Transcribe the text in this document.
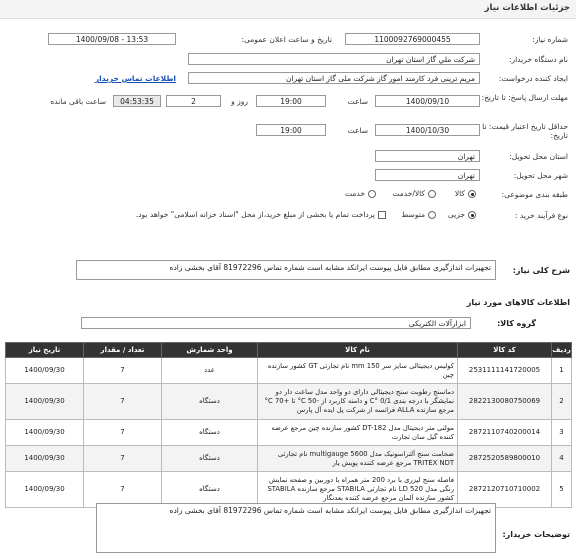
جزئیات اطلاعات نیاز
شماره نیاز:
1100092769000455
تاریخ و ساعت اعلان عمومی:
1400/09/08 - 13:53
نام دستگاه خریدار:
شرکت ملي گاز استان تهران
ایجاد کننده درخواست:
مریم ترینی فرد کارمند امور گاز شرکت ملی گاز استان تهران
اطلاعات تماس خریدار
مهلت ارسال پاسخ: تا تاریخ:
1400/09/10
ساعت
19:00
روز و
2
04:53:35
ساعت باقی مانده
حداقل تاریخ اعتبار قیمت: تا تاریخ:
1400/10/30
ساعت
19:00
استان محل تحویل:
تهران
شهر محل تحویل:
تهران
طبقه بندی موضوعی:
کالا
کالا/خدمت
خدمت
نوع فرآیند خرید :
جزیی
متوسط
پرداخت تمام یا بخشی از مبلغ خرید،از محل "اسناد خزانه اسلامی" خواهد بود.
شرح کلی نیاز:
تجهیزات اندازگیری مطابق فایل پیوست ایرانکد مشابه است شماره تماس 81972296 آقای بخشی زاده
اطلاعات کالاهای مورد نیاز
گروه کالا:
ابزارآلات الکتریکی
ردیف	کد کالا	نام کالا	واحد شمارش	تعداد / مقدار	تاریخ نیاز
1	2531111141720005	کولیس دیجیتالی سایز سر 150 mm نام تجارتی GT کشور سازنده چین	عدد	7	1400/09/30
2	2822130080750069	دماسنج رطوبت سنج دیجیتالی دارای دو واحد مدل ساعت دار دو نمایشگر با درجه بندی C° 0/1 و دامنه کاربرد از -50 C° تا +70 C° مرجع سازنده ALLA فرانسه از شرکت پل ایده آل پارس	دستگاه	7	1400/09/30
3	2872110740200014	مولتی متر دیجیتال مدل DT-182 کشور سازنده چین مرجع عرضه کننده گیل سان تجارت	دستگاه	7	1400/09/30
4	2872520589800010	ضخامت سنج آلتراسونیک مدل multigauge 5600 نام تجارتی TRITEX NDT مرجع عرضه کننده پویش یار	دستگاه	7	1400/09/30
5	2872120710710002	فاصله سنج لیزری با برد 200 متر همراه با دوربین و صفحه نمایش رنگی مدل LD 520 نام تجارتی STABILA مرجع سازنده STABILA کشور سازنده آلمان مرجع عرضه کننده بعدنگار	دستگاه	7	1400/09/30
توضیحات خریدار:
تجهیزات اندازگیری مطابق فایل پیوست ایرانکد مشابه است شماره تماس 81972296 آقای بخشی زاده
